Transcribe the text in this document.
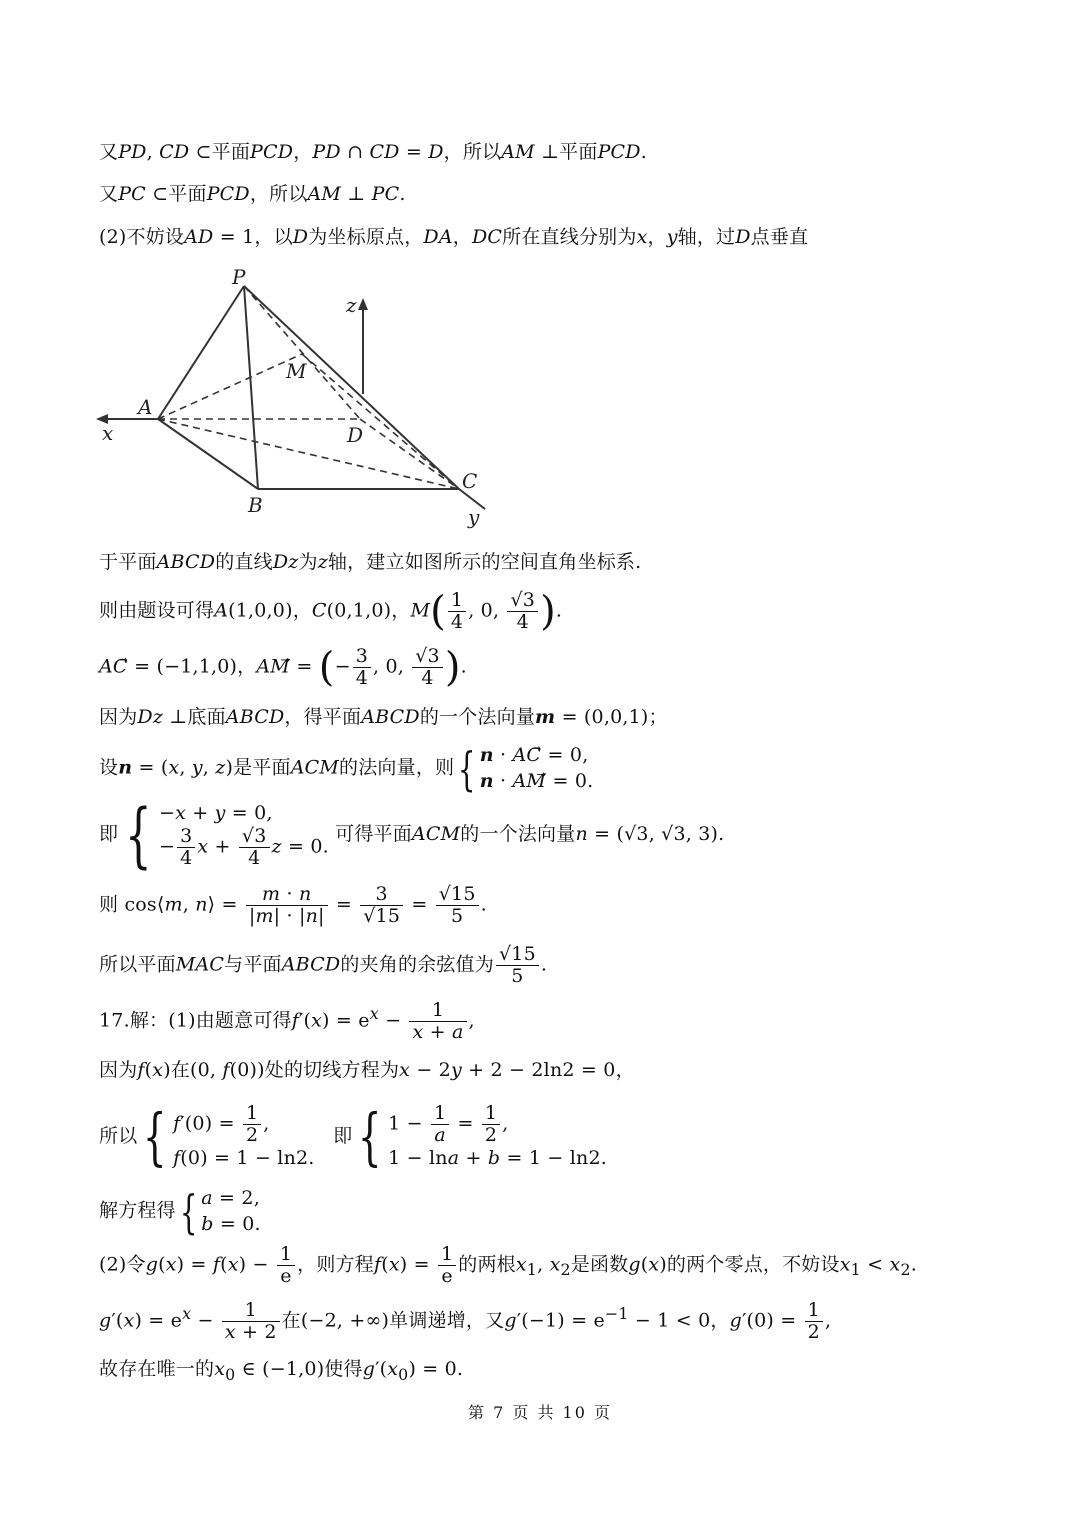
又PD, CD ⊂平面PCD，PD ∩ CD = D，所以AM ⊥平面PCD.
又PC ⊂平面PCD，所以AM ⊥ PC.
(2)不妨设AD = 1，以D为坐标原点，DA，DC所在直线分别为x，y轴，过D点垂直
P
M
A
x	D
z
C
B	y
于平面ABCD的直线Dz为z轴，建立如图所示的空间直角坐标系.
则由题设可得A(1,0,0)，C(0,1,0)，$M( \frac{1}{4}$ , 0, $\frac{√3}{4}$ ).
AC⃗ = (−1,1,0)，AM⃗ = (− $\frac{3}{4}$ , 0, $\frac{√3}{4}$ ).
因为Dz ⊥底面ABCD，得平面ABCD的一个法向量m = (0,0,1)；
设n = (x, y, z)是平面ACM的法向量，则{ n · AC⃗ = 0,
n · AM⃗ = 0.
即{ −x + y = 0,
− $\frac{3}{4}$ $x + \frac{√3}{4}$ z = 0. 可得平面ACM的一个法向量n = (√3, √3, 3).
则 cos⟨m, n⟩ = $\frac{m \cdot n}{|m| \cdot |n|} = \frac{3}{√15} = \frac{√15}{5}$ .
所以平面MAC与平面ABCD的夹角的余弦值为 $\frac{√15}{5}$ .
17.解：(1)由题意可得$f'(x) = e^x - \frac{1}{x + a}$ ,
因为f(x)在(0, f(0))处的切线方程为x − 2y + 2 − 2ln2 = 0，
所以{ $f'(0) = \frac{1}{2}$ ,
f(0) = 1 − ln2.   即{ $1 - \frac{1}{a} = \frac{1}{2}$ ,
1 − lna + b = 1 − ln2.
解方程得{ a = 2,
b = 0.
(2)令$g(x) = f(x) - \frac{1}{e}$ ，则方程$f(x) = \frac{1}{e}$ 的两根$x_1$, $x_2$是函数g(x)的两个零点，不妨设$x_1 < x_2$.
$g'(x) = e^x - \frac{1}{x + 2}$ 在(−2, +∞)单调递增，又$g'(-1) = e^{-1} - 1 < 0$，$g'(0) = \frac{1}{2}$ ,
故存在唯一的$x_0$ ∈ (−1,0)使得$g'(x_0) = 0$.
第 7 页 共 10 页
